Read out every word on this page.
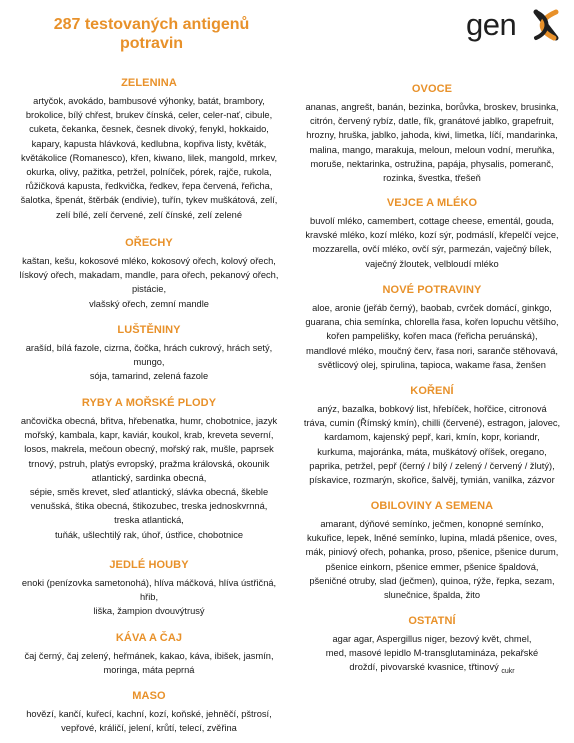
287 testovaných antigenů
potravin
gen
ZELENINA

artyčok, avokádo, bambusové výhonky, batát, brambory,
brokolice, bílý chřest, brukev čínská, celer, celer-nať, cibule,
cuketa, čekanka, česnek, česnek divoký, fenykl, hokkaido,
kapary, kapusta hlávková, kedlubna, kopřiva listy, květák,
květákolice (Romanesco), křen, kiwano, lilek, mangold, mrkev,
okurka, olivy, pažitka, petržel, polníček, pórek, rajče, rukola,
růžičková kapusta, ředkvička, ředkev, řepa červená, řeřicha,
šalotka, špenát, štěrbák (endivie), tuřín, tykev muškátová, zelí,
zelí bílé, zelí červené, zelí čínské, zelí zelené

OŘECHY

kaštan, kešu, kokosové mléko, kokosový ořech, kolový ořech,
lískový ořech, makadam, mandle, para ořech, pekanový ořech,
pistácie,
vlašský ořech, zemní mandle

LUŠTĚNINY

arašíd, bílá fazole, cizrna, čočka, hrách cukrový, hrách setý,
mungo,
sója, tamarind, zelená fazole

RYBY A MOŘSKÉ PLODY

ančovička obecná, břitva, hřebenatka, humr, chobotnice, jazyk
mořský, kambala, kapr, kaviár, koukol, krab, kreveta severní,
losos, makrela, mečoun obecný, mořský rak, mušle, paprsek
trnový, pstruh, platýs evropský, pražma královská, okounik
atlantický, sardinka obecná,
sépie, směs krevet, sleď atlantický, slávka obecná, škeble
venušská, štika obecná, štikozubec, treska jednoskvrnná,
treska atlantická,
tuňák, ušlechtilý rak, úhoř, ústřice, chobotnice

JEDLÉ HOUBY

enoki (penízovka sametonohá), hlíva máčková, hlíva ústřičná,
hřib,
liška, žampion dvouvýtrusý

KÁVA A ČAJ

čaj černý, čaj zelený, heřmánek, kakao, káva, ibišek, jasmín,
moringa, máta peprná

MASO

hovězí, kančí, kuřecí, kachní, kozí, koňské, jehněčí, pštrosí,
vepřové, králičí, jelení, krůtí, telecí, zvěřina

OVOCE

ananas, angrešt, banán, bezinka, borůvka, broskev, brusinka,
citrón, červený rybíz, datle, fík, granátové jablko, grapefruit,
hrozny, hruška, jablko, jahoda, kiwi, limetka, líčí, mandarinka,
malina, mango, marakuja, meloun, meloun vodní, meruňka,
moruše, nektarinka, ostružina, papája, physalis, pomeranč,
rozinka, švestka, třešeň

VEJCE A MLÉKO

buvolí mléko, camembert, cottage cheese, ementál, gouda,
kravské mléko, kozí mléko, kozí sýr, podmáslí, křepelčí vejce,
mozzarella, ovčí mléko, ovčí sýr, parmezán, vaječný bílek,
vaječný žloutek, velbloudí mléko

NOVÉ POTRAVINY

aloe, aronie (jeřáb černý), baobab, cvrček domácí, ginkgo,
guarana, chia semínka, chlorella řasa, kořen lopuchu většího,
kořen pampelišky, kořen maca (řeřicha peruánská),
mandlové mléko, moučný červ, řasa nori, sarančе stěhovavá,
světlicový olej, spirulina, tapioca, wakame řasa, ženšen

KOŘENÍ

anýz, bazalka, bobkový list, hřebíček, hořčice, citronová
tráva, cumin (Římský kmín), chilli (červené), estragon, jalovec,
kardamom, kajenský pepř, kari, kmín, kopr, koriandr,
kurkuma, majoránka, máta, muškátový oříšek, oregano,
paprika, petržel, pepř (černý / bílý / zelený / červený / žlutý),
pískavice, rozmarýn, skořice, šalvěj, tymián, vanilka, zázvor

OBILOVINY A SEMENA

amarant, dýňové semínko, ječmen, konopné semínko,
kukuřice, lepek, lněné semínko, lupina, mladá pšenice, oves,
mák, piniový ořech, pohanka, proso, pšenice, pšenice durum,
pšenice einkorn, pšenice emmer, pšenice špaldová,
pšeničné otruby, slad (ječmen), quinoa, rýže, řepka, sezam,
slunečnice, špalda, žito

OSTATNÍ

agar agar, Aspergillus niger, bezový květ, chmel,
med, masové lepidlo M-transglutamináza, pekařské

droždí, pivovarské kvasnice, třtinový $_{cukr}$
